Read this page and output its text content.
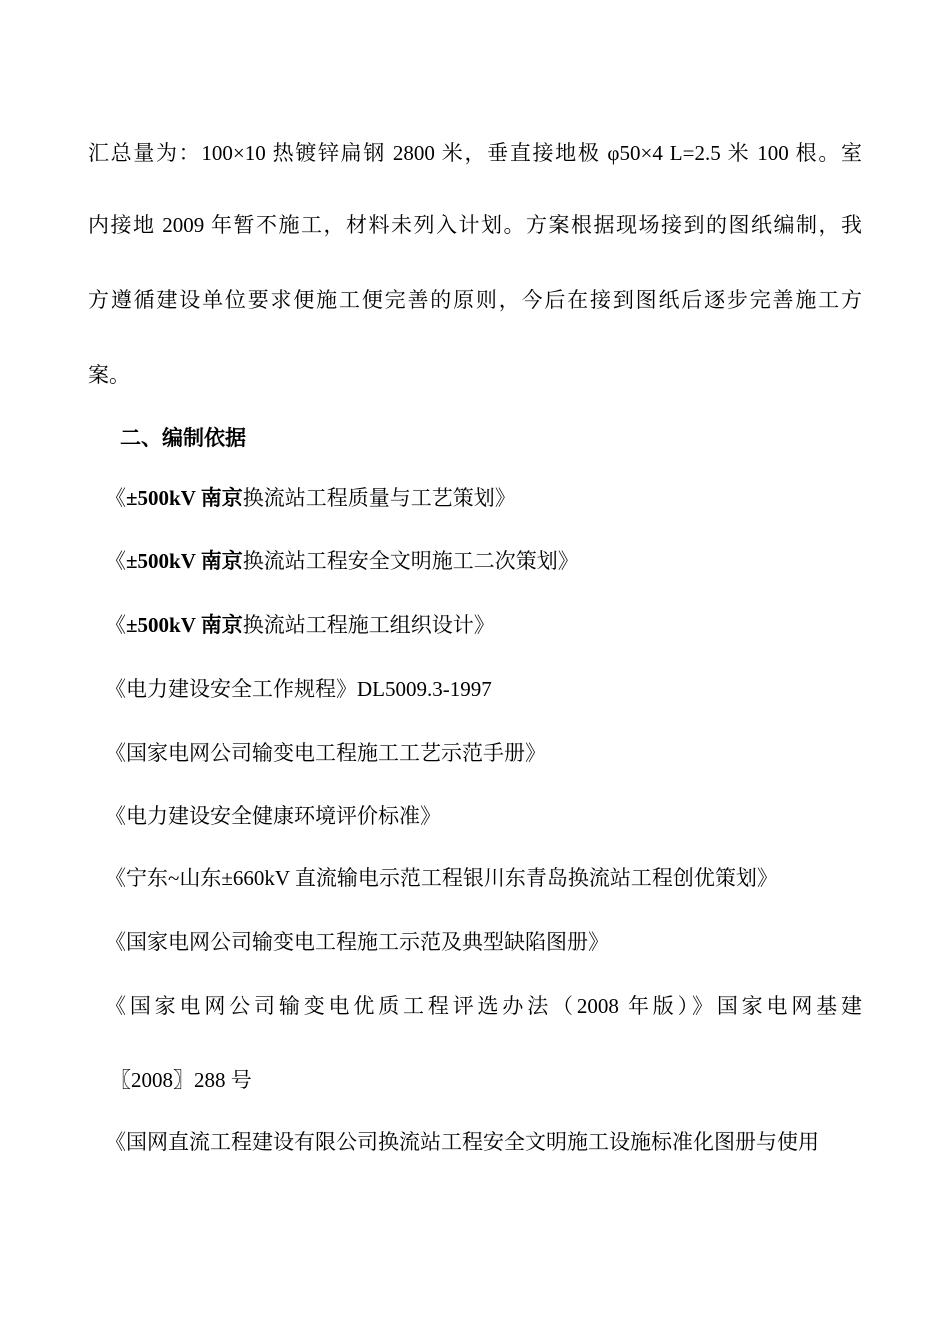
汇总量为：100×10 热镀锌扁钢 2800 米，垂直接地极 φ50×4 L=2.5 米 100 根。室
内接地 2009 年暂不施工，材料未列入计划。方案根据现场接到的图纸编制，我
方遵循建设单位要求便施工便完善的原则，今后在接到图纸后逐步完善施工方
案。
二、编制依据
《±500kV 南京换流站工程质量与工艺策划》
《±500kV 南京换流站工程安全文明施工二次策划》
《±500kV 南京换流站工程施工组织设计》
《电力建设安全工作规程》DL5009.3-1997
《国家电网公司输变电工程施工工艺示范手册》
《电力建设安全健康环境评价标准》
《宁东~山东±660kV 直流输电示范工程银川东青岛换流站工程创优策划》
《国家电网公司输变电工程施工示范及典型缺陷图册》
《国家电网公司输变电优质工程评选办法（2008 年版）》国家电网基建
〖2008〗288 号
《国网直流工程建设有限公司换流站工程安全文明施工设施标准化图册与使用
